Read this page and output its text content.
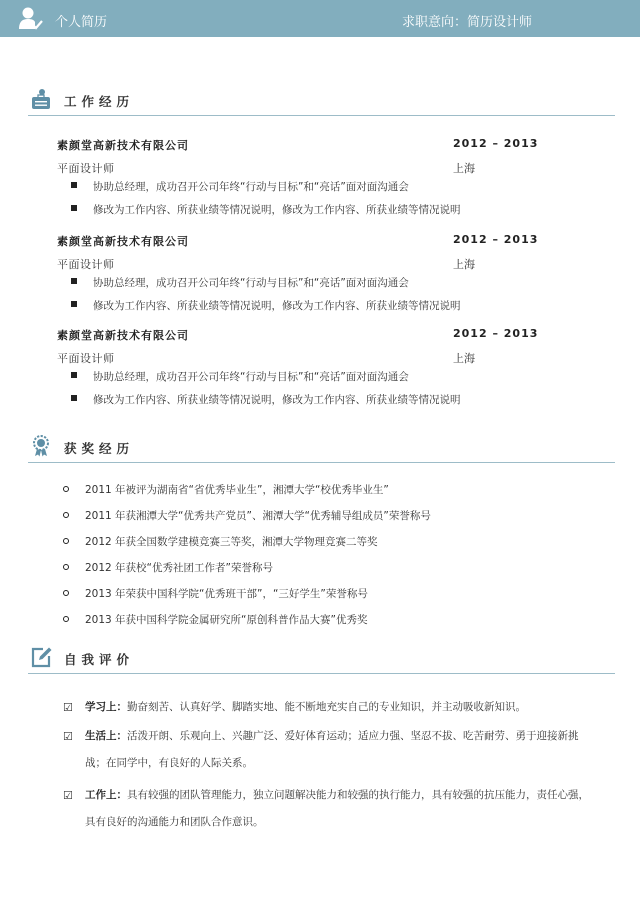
个人简历	求职意向：简历设计师
工作经历
素颜堂高新技术有限公司	2012 – 2013
平面设计师	上海
协助总经理，成功召开公司年终“行动与目标”和“亮话”面对面沟通会
修改为工作内容、所获业绩等情况说明，修改为工作内容、所获业绩等情况说明
素颜堂高新技术有限公司	2012 – 2013
平面设计师	上海
协助总经理，成功召开公司年终“行动与目标”和“亮话”面对面沟通会
修改为工作内容、所获业绩等情况说明，修改为工作内容、所获业绩等情况说明
素颜堂高新技术有限公司	2012 – 2013
平面设计师	上海
协助总经理，成功召开公司年终“行动与目标”和“亮话”面对面沟通会
修改为工作内容、所获业绩等情况说明，修改为工作内容、所获业绩等情况说明
获奖经历
2011 年被评为湖南省“省优秀毕业生”，湘潭大学“校优秀毕业生”
2011 年获湘潭大学“优秀共产党员”、湘潭大学“优秀辅导组成员”荣誉称号
2012 年获全国数学建模竞赛三等奖，湘潭大学物理竞赛二等奖
2012 年获校“优秀社团工作者”荣誉称号
2013 年荣获中国科学院“优秀班干部”，“三好学生”荣誉称号
2013 年获中国科学院金属研究所“原创科普作品大赛”优秀奖
自我评价
☑ 学习上：勤奋刻苦、认真好学、脚踏实地、能不断地充实自己的专业知识，并主动吸收新知识。
☑ 生活上：活泼开朗、乐观向上、兴趣广泛、爱好体育运动；适应力强、坚忍不拔、吃苦耐劳、勇于迎接新挑战；在同学中，有良好的人际关系。
☑ 工作上：具有较强的团队管理能力，独立问题解决能力和较强的执行能力，具有较强的抗压能力，责任心强，具有良好的沟通能力和团队合作意识。
